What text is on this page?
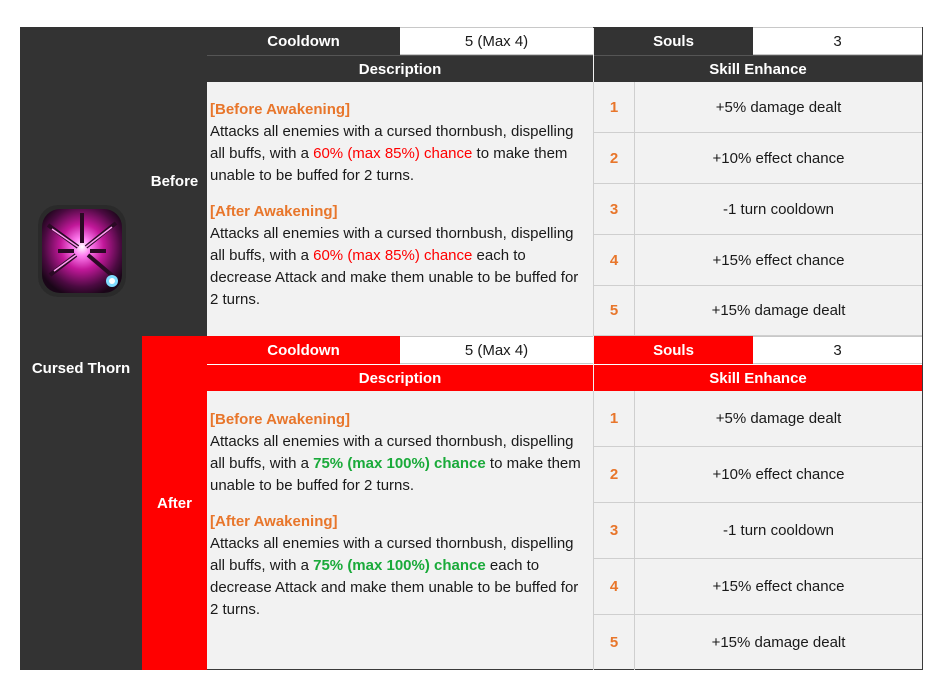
Cursed Thorn
Before
Cooldown	5 (Max 4)	Souls	3
Description	Skill Enhance

[Before Awakening]
Attacks all enemies with a cursed thornbush, dispelling all buffs, with a 60% (max 85%) chance to make them unable to be buffed for 2 turns.

[After Awakening]
Attacks all enemies with a cursed thornbush, dispelling all buffs, with a 60% (max 85%) chance each to decrease Attack and make them unable to be buffed for 2 turns.

1	+5% damage dealt
2	+10% effect chance
3	-1 turn cooldown
4	+15% effect chance
5	+15% damage dealt
After
Cooldown	5 (Max 4)	Souls	3
Description	Skill Enhance

[Before Awakening]
Attacks all enemies with a cursed thornbush, dispelling all buffs, with a 75% (max 100%) chance to make them unable to be buffed for 2 turns.

[After Awakening]
Attacks all enemies with a cursed thornbush, dispelling all buffs, with a 75% (max 100%) chance each to decrease Attack and make them unable to be buffed for 2 turns.

1	+5% damage dealt
2	+10% effect chance
3	-1 turn cooldown
4	+15% effect chance
5	+15% damage dealt
